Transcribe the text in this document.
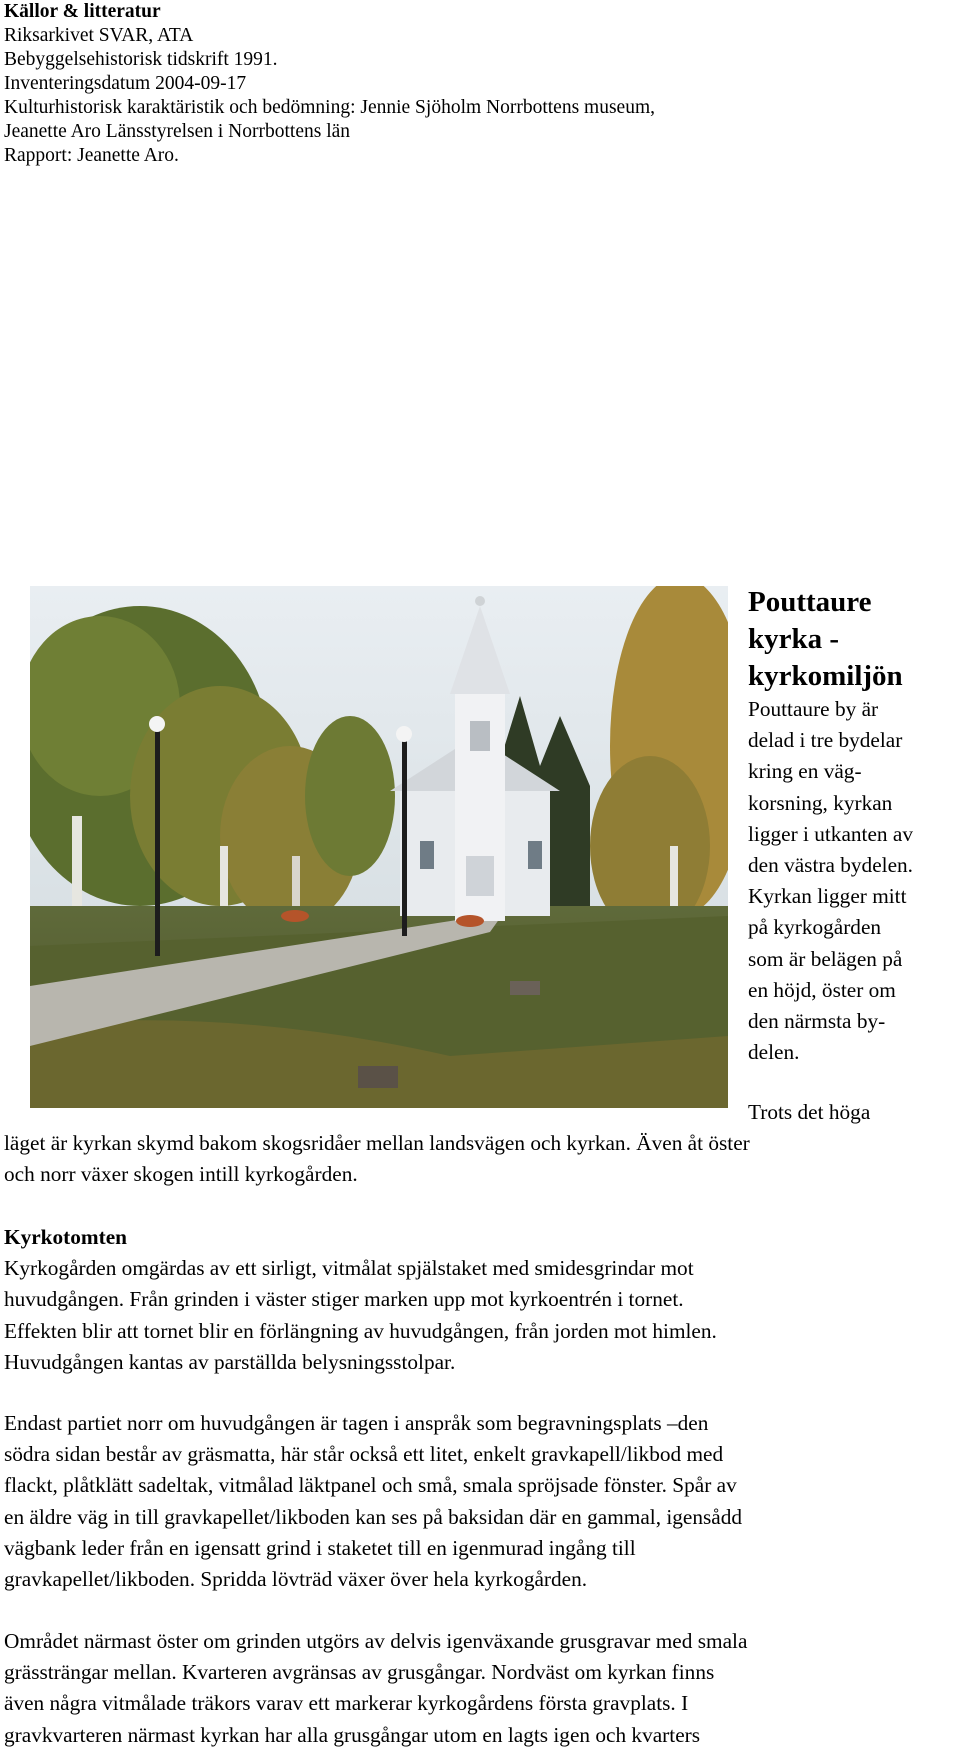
Källor & litteratur
Riksarkivet SVAR, ATA
Bebyggelsehistorisk tidskrift 1991.
Inventeringsdatum 2004-09-17
Kulturhistorisk karaktäristik och bedömning: Jennie Sjöholm Norrbottens museum,
Jeanette Aro Länsstyrelsen i Norrbottens län
Rapport: Jeanette Aro.
Pouttaure
kyrka -
kyrkomiljön
Pouttaure by är
delad i tre bydelar
kring en väg-
korsning, kyrkan
ligger i utkanten av
den västra bydelen.
Kyrkan ligger mitt
på kyrkogården
som är belägen på
en höjd, öster om
den närmsta by-
delen.
Trots det höga
läget är kyrkan skymd bakom skogsridåer mellan landsvägen och kyrkan. Även åt öster
och norr växer skogen intill kyrkogården.
Kyrkotomten
Kyrkogården omgärdas av ett sirligt, vitmålat spjälstaket med smidesgrindar mot
huvudgången. Från grinden i väster stiger marken upp mot kyrkoentrén i tornet.
Effekten blir att tornet blir en förlängning av huvudgången, från jorden mot himlen.
Huvudgången kantas av parställda belysningsstolpar.
Endast partiet norr om huvudgången är tagen i anspråk som begravningsplats –den
södra sidan består av gräsmatta, här står också ett litet, enkelt gravkapell/likbod med
flackt, plåtklätt sadeltak, vitmålad läktpanel och små, smala spröjsade fönster. Spår av
en äldre väg in till gravkapellet/likboden kan ses på baksidan där en gammal, igensådd
vägbank leder från en igensatt grind i staketet till en igenmurad ingång till
gravkapellet/likboden. Spridda lövträd växer över hela kyrkogården.
Området närmast öster om grinden utgörs av delvis igenväxande grusgravar med smala
grässträngar mellan. Kvarteren avgränsas av grusgångar. Nordväst om kyrkan finns
även några vitmålade träkors varav ett markerar kyrkogårdens första gravplats. I
gravkvarteren närmast kyrkan har alla grusgångar utom en lagts igen och kvarters
